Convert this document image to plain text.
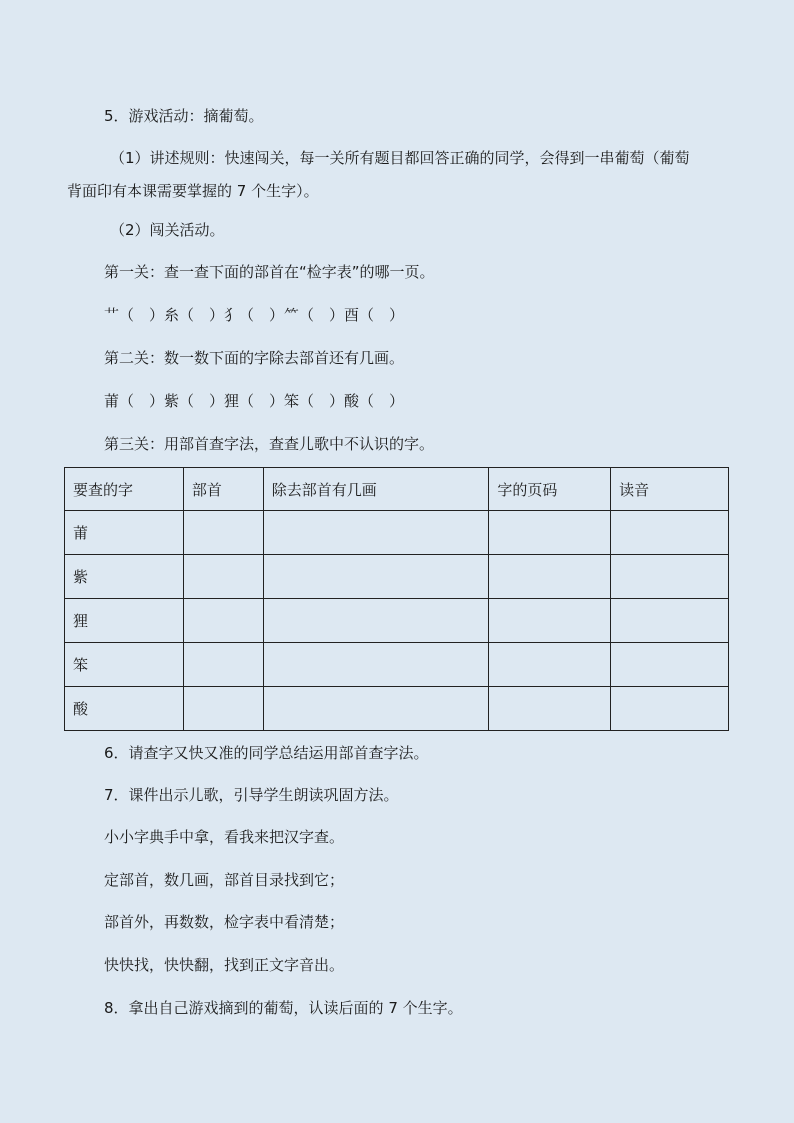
5．游戏活动：摘葡萄。
（1）讲述规则：快速闯关，每一关所有题目都回答正确的同学，会得到一串葡萄（葡萄
背面印有本课需要掌握的 7 个生字）。
（2）闯关活动。
第一关：查一查下面的部首在“检字表”的哪一页。
艹（　）糸（　）犭（　）⺮（　）酉（　）
第二关：数一数下面的字除去部首还有几画。
莆（　）紫（　）狸（　）笨（　）酸（　）
第三关：用部首查字法，查查儿歌中不认识的字。
要查的字	部首	除去部首有几画	字的页码	读音
莆				
紫				
狸				
笨				
酸				
6．请查字又快又准的同学总结运用部首查字法。
7．课件出示儿歌，引导学生朗读巩固方法。
小小字典手中拿，看我来把汉字查。
定部首，数几画，部首目录找到它；
部首外，再数数，检字表中看清楚；
快快找，快快翻，找到正文字音出。
8．拿出自己游戏摘到的葡萄，认读后面的 7 个生字。
